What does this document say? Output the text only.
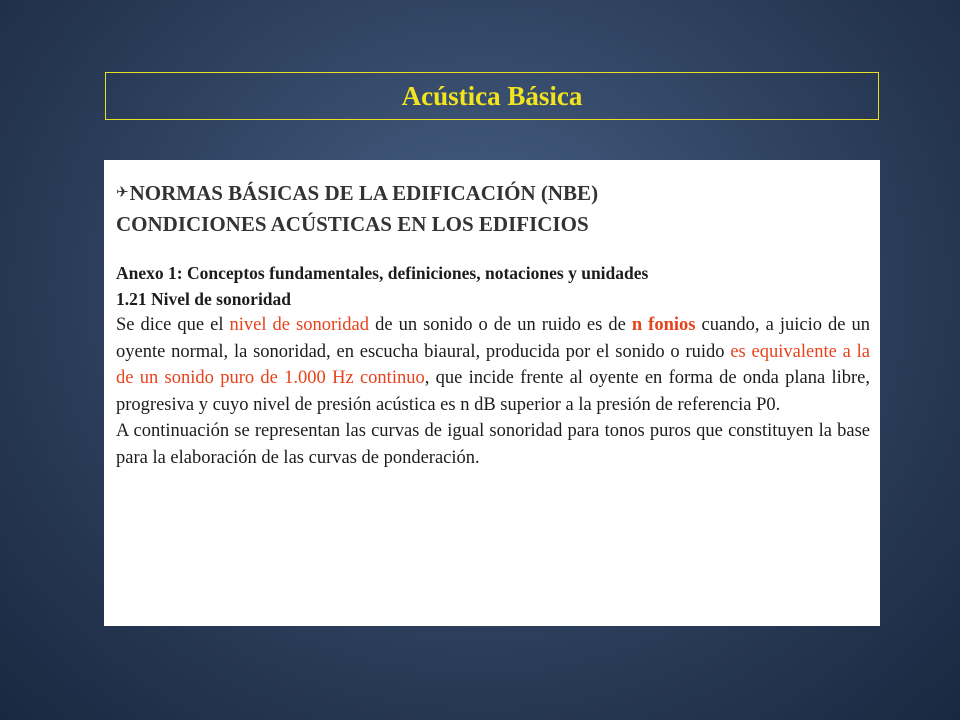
Acústica Básica
✈NORMAS BÁSICAS DE LA EDIFICACIÓN (NBE)
CONDICIONES ACÚSTICAS EN LOS EDIFICIOS
Anexo 1: Conceptos fundamentales, definiciones, notaciones y unidades
1.21 Nivel de sonoridad
Se dice que el nivel de sonoridad de un sonido o de un ruido es de n fonios cuando, a juicio de un oyente normal, la sonoridad, en escucha biaural, producida por el sonido o ruido es equivalente a la de un sonido puro de 1.000 Hz continuo, que incide frente al oyente en forma de onda plana libre, progresiva y cuyo nivel de presión acústica es n dB superior a la presión de referencia P0.
A continuación se representan las curvas de igual sonoridad para tonos puros que constituyen la base para la elaboración de las curvas de ponderación.
